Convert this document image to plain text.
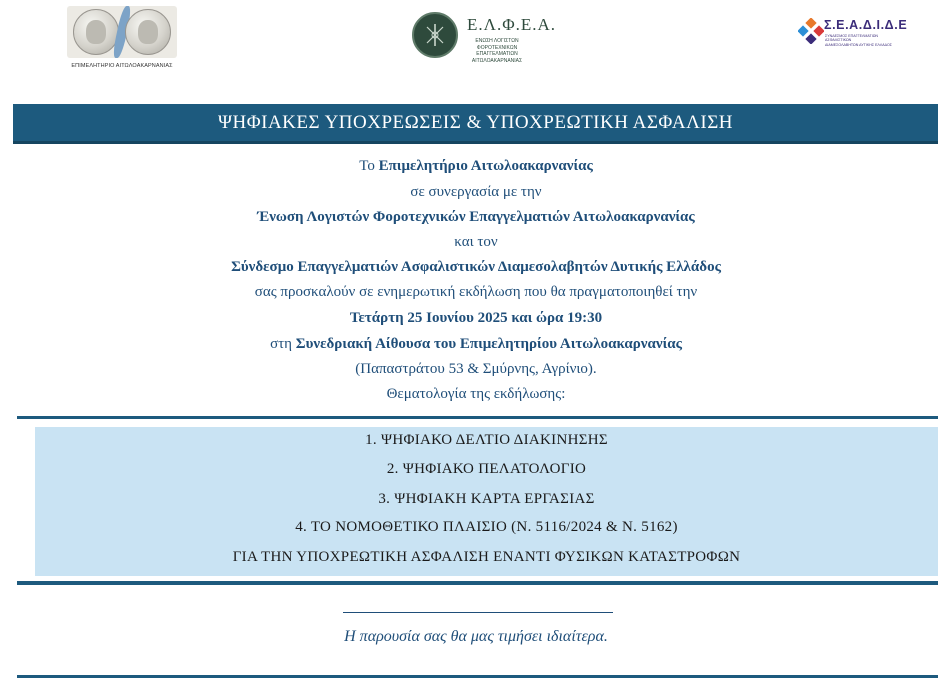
ΕΠΙΜΕΛΗΤΗΡΙΟ ΑΙΤΩΛΟΑΚΑΡΝΑΝΙΑΣ
Ε.Λ.Φ.Ε.Α.
ΕΝΩΣΗ ΛΟΓΙΣΤΩΝ
ΦΟΡΟΤΕΧΝΙΚΩΝ ΕΠΑΓΓΕΛΜΑΤΙΩΝ
ΑΙΤΩΛΟΑΚΑΡΝΑΝΙΑΣ
Σ.Ε.Α.Δ.Ι.Δ.Ε
ΣΥΝΔΕΣΜΟΣ ΕΠΑΓΓΕΛΜΑΤΙΩΝ ΑΣΦΑΛΙΣΤΙΚΩΝ
ΔΙΑΜΕΣΟΛΑΒΗΤΩΝ ΔΥΤΙΚΗΣ ΕΛΛΑΔΟΣ
ΨΗΦΙΑΚΕΣ ΥΠΟΧΡΕΩΣΕΙΣ & ΥΠΟΧΡΕΩΤΙΚΗ ΑΣΦΑΛΙΣΗ
Το Επιμελητήριο Αιτωλοακαρνανίας
σε συνεργασία με την
Ένωση Λογιστών Φοροτεχνικών Επαγγελματιών Αιτωλοακαρνανίας
και τον
Σύνδεσμο Επαγγελματιών Ασφαλιστικών Διαμεσολαβητών Δυτικής Ελλάδος
σας προσκαλούν σε ενημερωτική εκδήλωση που θα πραγματοποιηθεί την
Τετάρτη 25 Ιουνίου 2025 και ώρα 19:30
στη Συνεδριακή Αίθουσα του Επιμελητηρίου Αιτωλοακαρνανίας
(Παπαστράτου 53 & Σμύρνης, Αγρίνιο).
Θεματολογία της εκδήλωσης:
1. ΨΗΦΙΑΚΟ ΔΕΛΤΙΟ ΔΙΑΚΙΝΗΣΗΣ
2. ΨΗΦΙΑΚΟ ΠΕΛΑΤΟΛΟΓΙΟ
3. ΨΗΦΙΑΚΗ ΚΑΡΤΑ ΕΡΓΑΣΙΑΣ
4. ΤΟ ΝΟΜΟΘΕΤΙΚΟ ΠΛΑΙΣΙΟ (Ν. 5116/2024 & Ν. 5162)
ΓΙΑ ΤΗΝ ΥΠΟΧΡΕΩΤΙΚΗ ΑΣΦΑΛΙΣΗ ΕΝΑΝΤΙ ΦΥΣΙΚΩΝ ΚΑΤΑΣΤΡΟΦΩΝ
Η παρουσία σας θα μας τιμήσει ιδιαίτερα.
